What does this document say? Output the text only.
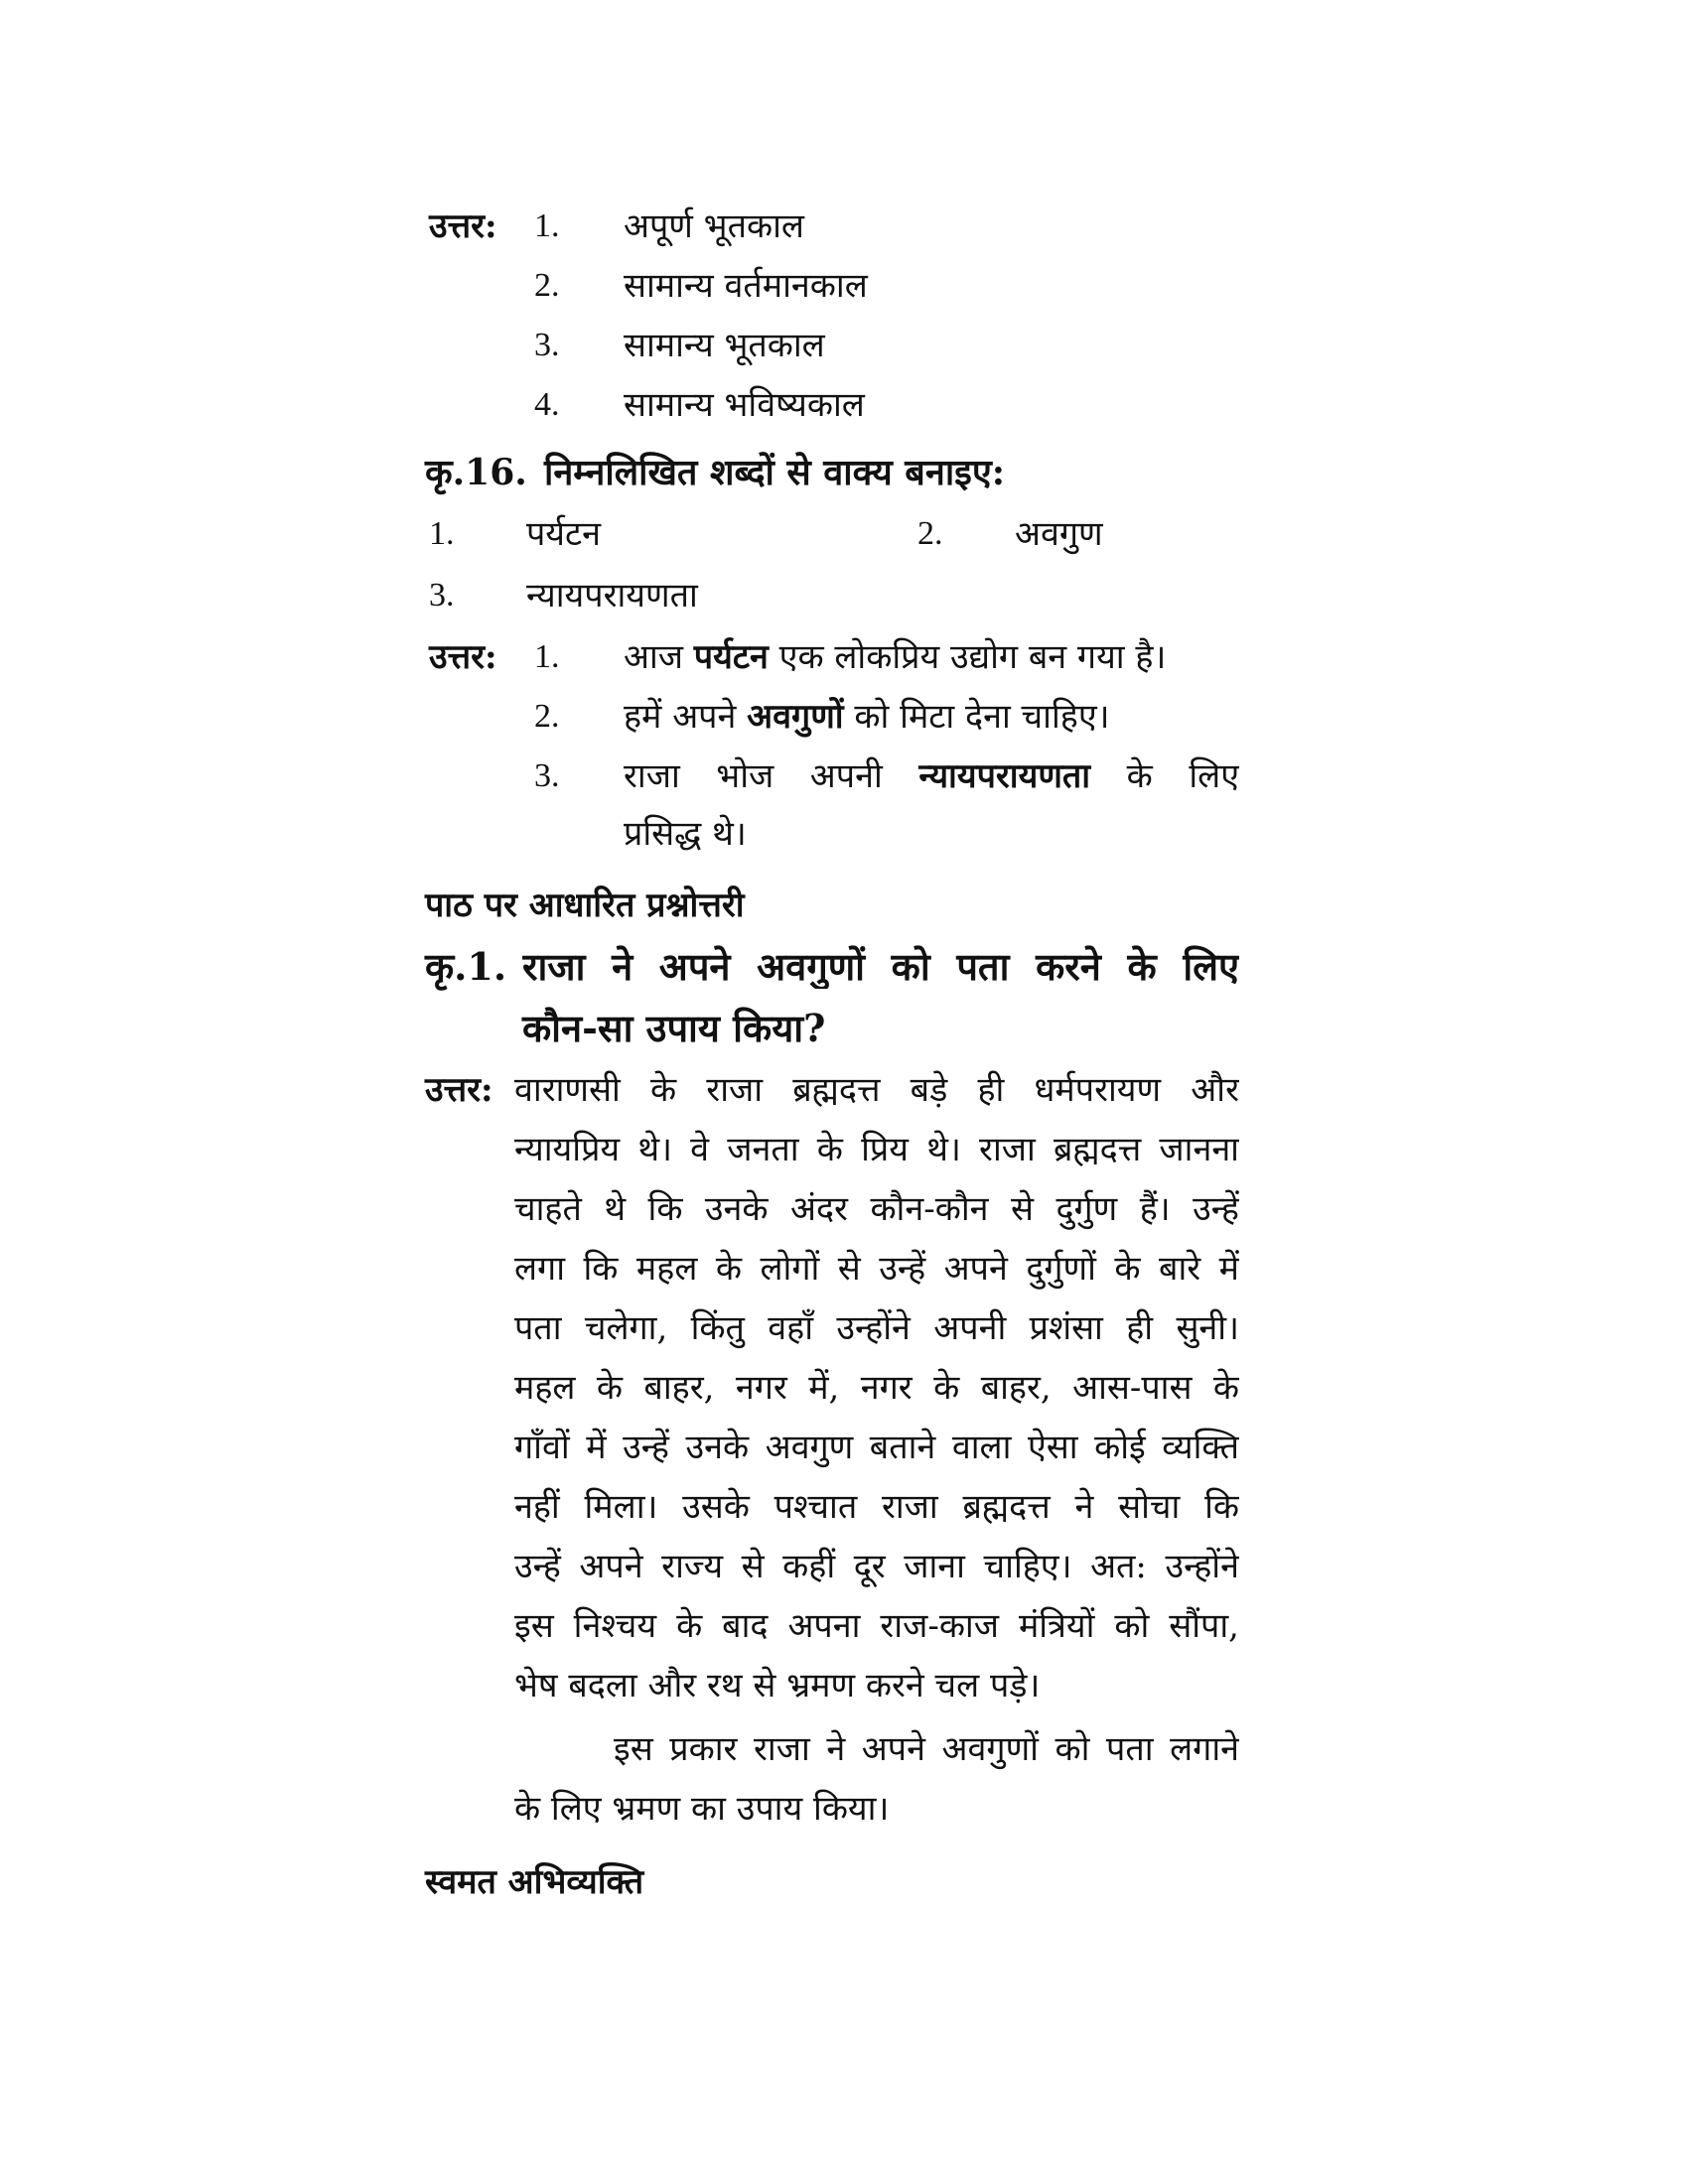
उत्तर: 1. अपूर्ण भूतकाल
2. सामान्य वर्तमानकाल
3. सामान्य भूतकाल
4. सामान्य भविष्यकाल
कृ.16. निम्नलिखित शब्दों से वाक्य बनाइए:
1. पर्यटन	2. अवगुण
3. न्यायपरायणता
उत्तर: 1. आज पर्यटन एक लोकप्रिय उद्योग बन गया है।
2. हमें अपने अवगुणों को मिटा देना चाहिए।
3. राजा भोज अपनी न्यायपरायणता के लिए
प्रसिद्ध थे।
पाठ पर आधारित प्रश्नोत्तरी
कृ.1. राजा ने अपने अवगुणों को पता करने के लिए
कौन-सा उपाय किया?
उत्तर: वाराणसी के राजा ब्रह्मदत्त बड़े ही धर्मपरायण और
न्यायप्रिय थे। वे जनता के प्रिय थे। राजा ब्रह्मदत्त जानना
चाहते थे कि उनके अंदर कौन-कौन से दुर्गुण हैं। उन्हें
लगा कि महल के लोगों से उन्हें अपने दुर्गुणों के बारे में
पता चलेगा, किंतु वहाँ उन्होंने अपनी प्रशंसा ही सुनी।
महल के बाहर, नगर में, नगर के बाहर, आस-पास के
गाँवों में उन्हें उनके अवगुण बताने वाला ऐसा कोई व्यक्ति
नहीं मिला। उसके पश्चात राजा ब्रह्मदत्त ने सोचा कि
उन्हें अपने राज्य से कहीं दूर जाना चाहिए। अत: उन्होंने
इस निश्चय के बाद अपना राज-काज मंत्रियों को सौंपा,
भेष बदला और रथ से भ्रमण करने चल पड़े।
इस प्रकार राजा ने अपने अवगुणों को पता लगाने
के लिए भ्रमण का उपाय किया।
स्वमत अभिव्यक्ति
